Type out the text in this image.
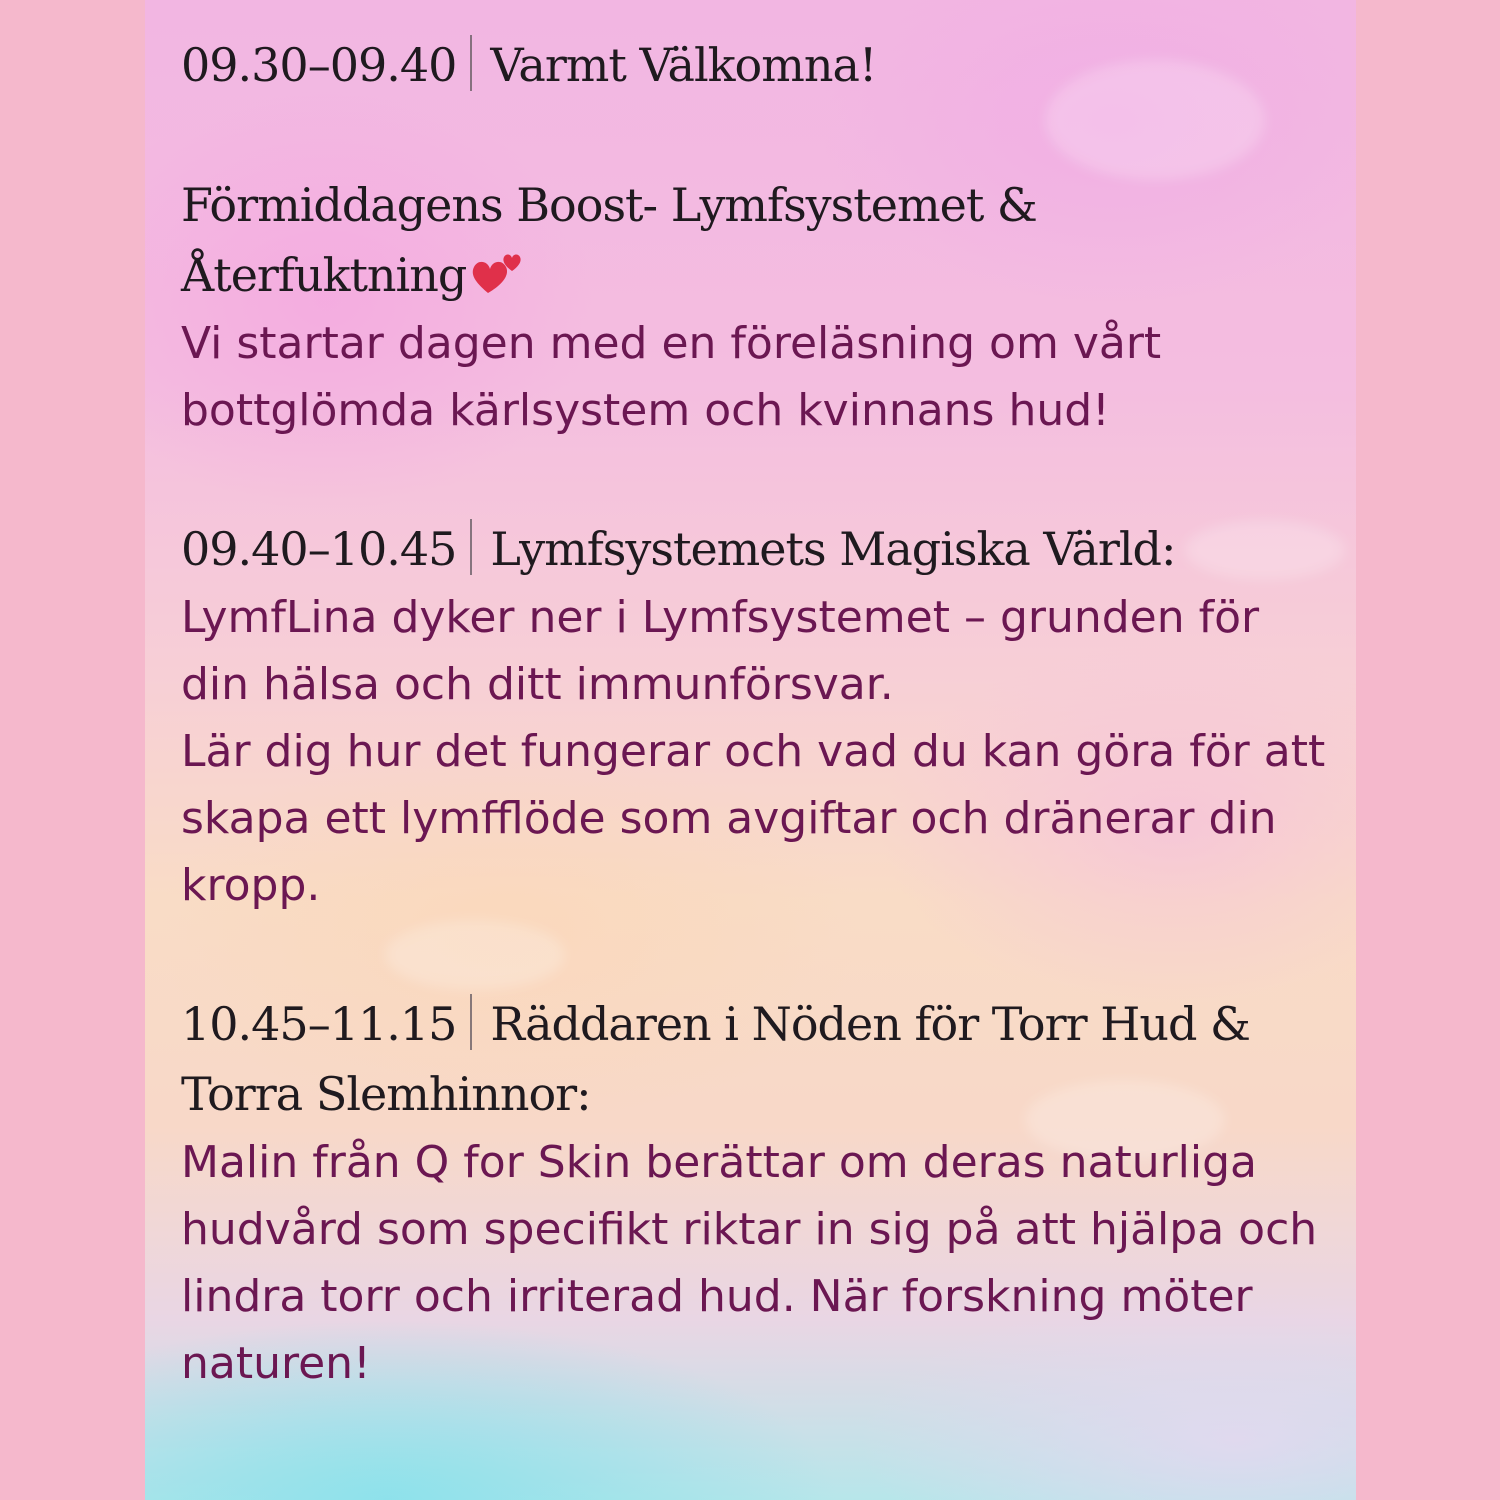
09.30–09.40 Varmt Välkomna!

Förmiddagens Boost- Lymfsystemet &
Återfuktning

Vi startar dagen med en föreläsning om vårt bottglömda kärlsystem och kvinnans hud!

09.40–10.45 Lymfsystemets Magiska Värld:

LymfLina dyker ner i Lymfsystemet – grunden för din hälsa och ditt immunförsvar.

Lär dig hur det fungerar och vad du kan göra för att skapa ett lymfflöde som avgiftar och dränerar din kropp.

10.45–11.15 Räddaren i Nöden för Torr Hud &
Torra Slemhinnor:

Malin från Q for Skin berättar om deras naturliga hudvård som specifikt riktar in sig på att hjälpa och lindra torr och irriterad hud. När forskning möter naturen!
